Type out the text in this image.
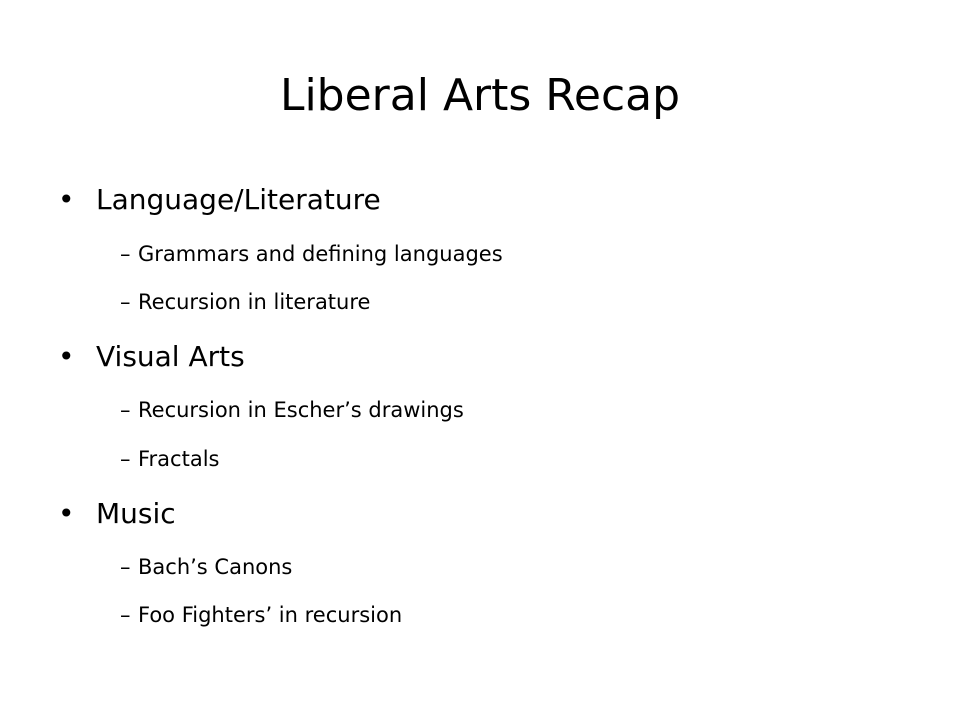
Liberal Arts Recap
• Language/Literature
– Grammars and defining languages
– Recursion in literature
• Visual Arts
– Recursion in Escher’s drawings
– Fractals
• Music
– Bach’s Canons
– Foo Fighters’ in recursion
